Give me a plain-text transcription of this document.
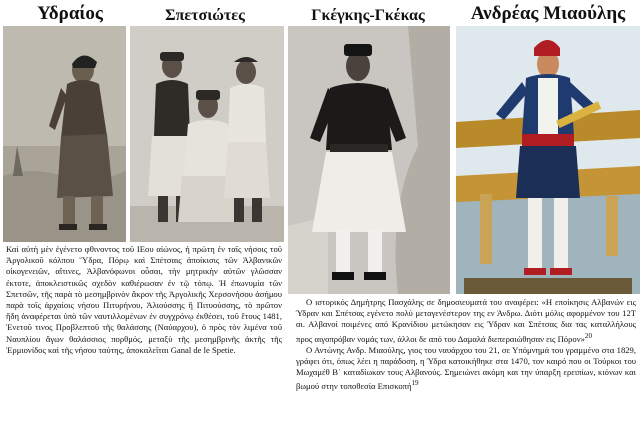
Υδραίος	Σπετσιώτες	Γκέγκης-Γκέκας	Ανδρέας Μιαούλης

Καί αὐτὴ μὲν ἐγένετο φθινοντος τοῦ ΙΕου αἰώνος, ἡ πρώτη ἐν ταῖς νήσοις τοῦ Ἀργολικοῦ κόλπου Ὕδρα, Πόρῳ καὶ Σπέτσαις ἀποίκισις τῶν Ἀλβανικῶν οἰκογενειῶν, αἵτινες, Ἀλβανόφωνοι οὖσαι, τὴν μητρικὴν αὐτῶν γλῶσσαν ἐκτοτε, ἀποκλειστικῶς σχεδὸν καθιέρωσαν ἐν τῷ τόπῳ. Ἡ ἐπωνυμία τῶν Σπετσῶν, τῆς παρὰ τὸ μεσημβρινὸν ἄκρον τῆς Ἀργολικῆς Χερσονήσου ἀσήμου παρὰ τοῖς ἀρχαίοις νήσου Πιτυρήνου, Ἀλιούσσης ἢ Πιτυούσσης, τὸ πρῶτον ἤδη ἀναφέρεται ὑπὸ τῶν ναυτιλλομένων ἐν συγχρόνῳ ἐκθέσει, τοῦ ἔτους 1481, Ἐνετοῦ τινος Προβλεπτοῦ τῆς θαλάσσης (Ναύαρχου), ὁ πρὸς τὸν λιμένα τοῦ Ναυπλίου ἄγων θαλάσσιος πορθμός, μεταξὺ τῆς μεσημβρινῆς ἀκτῆς τῆς Ἑρμιονίδος καὶ τῆς νήσου ταύτης, ἀποκαλεῖται Ganal de le Spetie.

Ο ιστορικός Δημήτρης Πασχάλης σε δημοσιευματά του αναφέρει: «Η εποίκησις Αλβανών εις Ύδραν και Σπέτσας εγένετο πολύ μεταγενέστερον της εν Άνδρω. Διότι μόλις αφορμένον του 12Τ αι. Αλβανοί ποιμένες από Κρανίδιου μετώκησαν εις Ύδραν και Σπέτσας δια τας καταλλήλους προς αιγοπρόβαν νομάς των, άλλοι δε από του Δαμαλά διεπεραιώθησαν εις Πόρον»$^{20}$

Ο Αντώνης Ανδρ. Μιαούλης, γιος του ναυάρχου του 21, σε Υπόμνημά του γραμμένο στα 1829, γράφει ότι, όπως λέει η παράδοση, η Ύδρα κατοικήθηκε στα 1470, τον καιρό που οι Τούρκοι του Μωχαμέθ Β΄ καταδίωκαν τους Αλβανούς. Σημειώνει ακόμη και την ύπαρξη ερειπίων, κιόνων και βωμού στην τοποθεσία Επισκοπή$^{19}$
